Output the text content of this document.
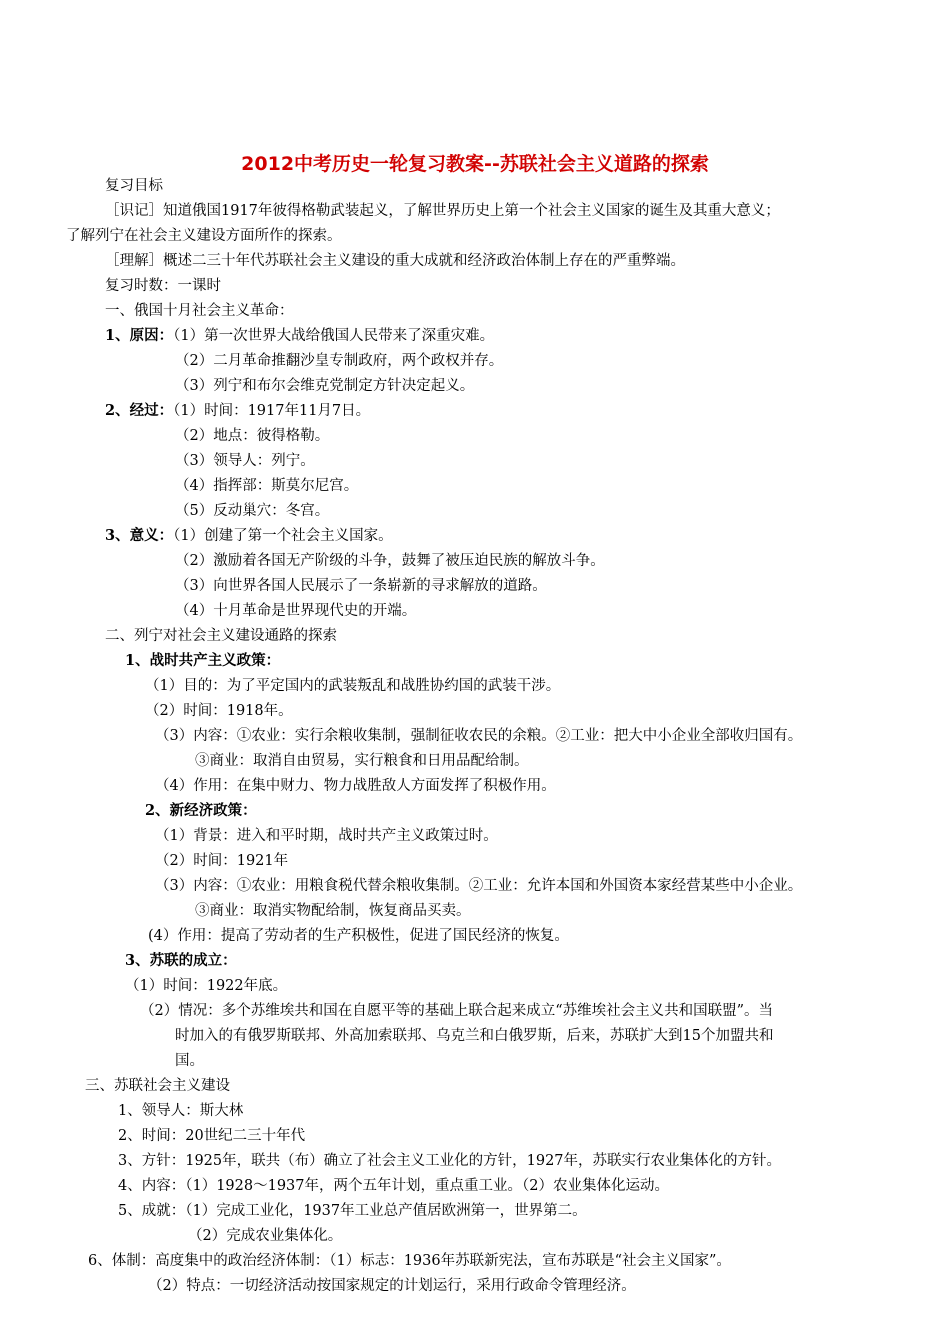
2012中考历史一轮复习教案--苏联社会主义道路的探索
复习目标
［识记］知道俄国1917年彼得格勒武装起义，了解世界历史上第一个社会主义国家的诞生及其重大意义；
了解列宁在社会主义建设方面所作的探索。
［理解］概述二三十年代苏联社会主义建设的重大成就和经济政治体制上存在的严重弊端。
复习时数：一课时
一、俄国十月社会主义革命：
1、原因：（1）第一次世界大战给俄国人民带来了深重灾难。
（2）二月革命推翻沙皇专制政府，两个政权并存。
（3）列宁和布尔会维克党制定方针决定起义。
2、经过：（1）时间：1917年11月7日。
（2）地点：彼得格勒。
（3）领导人：列宁。
（4）指挥部：斯莫尔尼宫。
（5）反动巢穴：冬宫。
3、意义：（1）创建了第一个社会主义国家。
（2）激励着各国无产阶级的斗争，鼓舞了被压迫民族的解放斗争。
（3）向世界各国人民展示了一条崭新的寻求解放的道路。
（4）十月革命是世界现代史的开端。
二、列宁对社会主义建设通路的探索
1、战时共产主义政策：
（1）目的：为了平定国内的武装叛乱和战胜协约国的武装干涉。
（2）时间：1918年。
（3）内容：①农业：实行余粮收集制，强制征收农民的余粮。②工业：把大中小企业全部收归国有。
③商业：取消自由贸易，实行粮食和日用品配给制。
（4）作用：在集中财力、物力战胜敌人方面发挥了积极作用。
2、新经济政策：
（1）背景：进入和平时期，战时共产主义政策过时。
（2）时间：1921年
（3）内容：①农业：用粮食税代替余粮收集制。②工业：允许本国和外国资本家经营某些中小企业。
③商业：取消实物配给制，恢复商品买卖。
(4）作用：提高了劳动者的生产积极性，促进了国民经济的恢复。
3、苏联的成立：
（1）时间：1922年底。
（2）情况：多个苏维埃共和国在自愿平等的基础上联合起来成立“苏维埃社会主义共和国联盟”。当
时加入的有俄罗斯联邦、外高加索联邦、乌克兰和白俄罗斯，后来，苏联扩大到15个加盟共和
国。
三、苏联社会主义建设
1、领导人：斯大林
2、时间：20世纪二三十年代
3、方针：1925年，联共（布）确立了社会主义工业化的方针，1927年，苏联实行农业集体化的方针。
4、内容：（1）1928～1937年，两个五年计划，重点重工业。（2）农业集体化运动。
5、成就：（1）完成工业化，1937年工业总产值居欧洲第一，世界第二。
（2）完成农业集体化。
6、体制：高度集中的政治经济体制：（1）标志：1936年苏联新宪法，宣布苏联是“社会主义国家”。
（2）特点：一切经济活动按国家规定的计划运行，采用行政命令管理经济。
